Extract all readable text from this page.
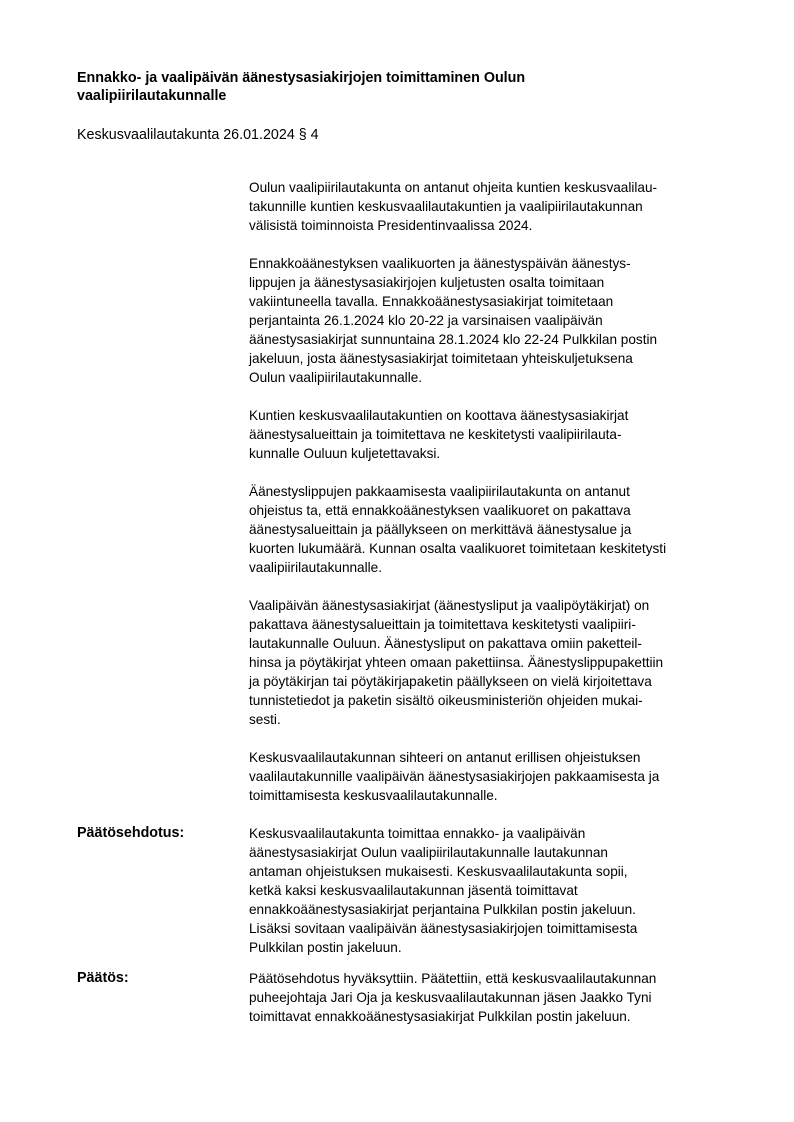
Ennakko- ja vaalipäivän äänestysasiakirjojen toimittaminen Oulun
vaalipiirilautakunnalle
Keskusvaalilautakunta 26.01.2024 § 4
Oulun vaalipiirilautakunta on antanut ohjeita kuntien keskusvaalilau-
takunnille kuntien keskusvaalilautakuntien ja vaalipiirilautakunnan
välisistä toiminnoista Presidentinvaalissa 2024.
Ennakkoäänestyksen vaalikuorten ja äänestyspäivän äänestys-
lippujen ja äänestysasiakirjojen kuljetusten osalta toimitaan
vakiintuneella tavalla. Ennakkoäänestysasiakirjat toimitetaan
perjantainta 26.1.2024 klo 20-22 ja varsinaisen vaalipäivän
äänestysasiakirjat sunnuntaina 28.1.2024 klo 22-24 Pulkkilan postin
jakeluun, josta äänestysasiakirjat toimitetaan yhteiskuljetuksena
Oulun vaalipiirilautakunnalle.
Kuntien keskusvaalilautakuntien on koottava äänestysasiakirjat
äänestysalueittain ja toimitettava ne keskitetysti vaalipiirilauta-
kunnalle Ouluun kuljetettavaksi.
Äänestyslippujen pakkaamisesta vaalipiirilautakunta on antanut
ohjeistus ta, että ennakkoäänestyksen vaalikuoret on pakattava
äänestysalueittain ja päällykseen on merkittävä äänestysalue ja
kuorten lukumäärä. Kunnan osalta vaalikuoret toimitetaan keskitetysti
vaalipiirilautakunnalle.
Vaalipäivän äänestysasiakirjat (äänestysliput ja vaalipöytäkirjat) on
pakattava äänestysalueittain ja toimitettava keskitetysti vaalipiiri-
lautakunnalle Ouluun. Äänestysliput on pakattava omiin paketteil-
hinsa ja pöytäkirjat yhteen omaan pakettiinsa. Äänestyslippupakettiin
ja pöytäkirjan tai pöytäkirjapaketin päällykseen on vielä kirjoitettava
tunnistetiedot ja paketin sisältö oikeusministeriön ohjeiden mukai-
sesti.
Keskusvaalilautakunnan sihteeri on antanut erillisen ohjeistuksen
vaalilautakunnille vaalipäivän äänestysasiakirjojen pakkaamisesta ja
toimittamisesta keskusvaalilautakunnalle.
Päätösehdotus:	Keskusvaalilautakunta toimittaa ennakko- ja vaalipäivän
äänestysasiakirjat Oulun vaalipiirilautakunnalle lautakunnan
antaman ohjeistuksen mukaisesti. Keskusvaalilautakunta sopii,
ketkä kaksi keskusvaalilautakunnan jäsentä toimittavat
ennakkoäänestysasiakirjat perjantaina Pulkkilan postin jakeluun.
Lisäksi sovitaan vaalipäivän äänestysasiakirjojen toimittamisesta
Pulkkilan postin jakeluun.
Päätös:	Päätösehdotus hyväksyttiin. Päätettiin, että keskusvaalilautakunnan
puheejohtaja Jari Oja ja keskusvaalilautakunnan jäsen Jaakko Tyni
toimittavat ennakkoäänestysasiakirjat Pulkkilan postin jakeluun.
